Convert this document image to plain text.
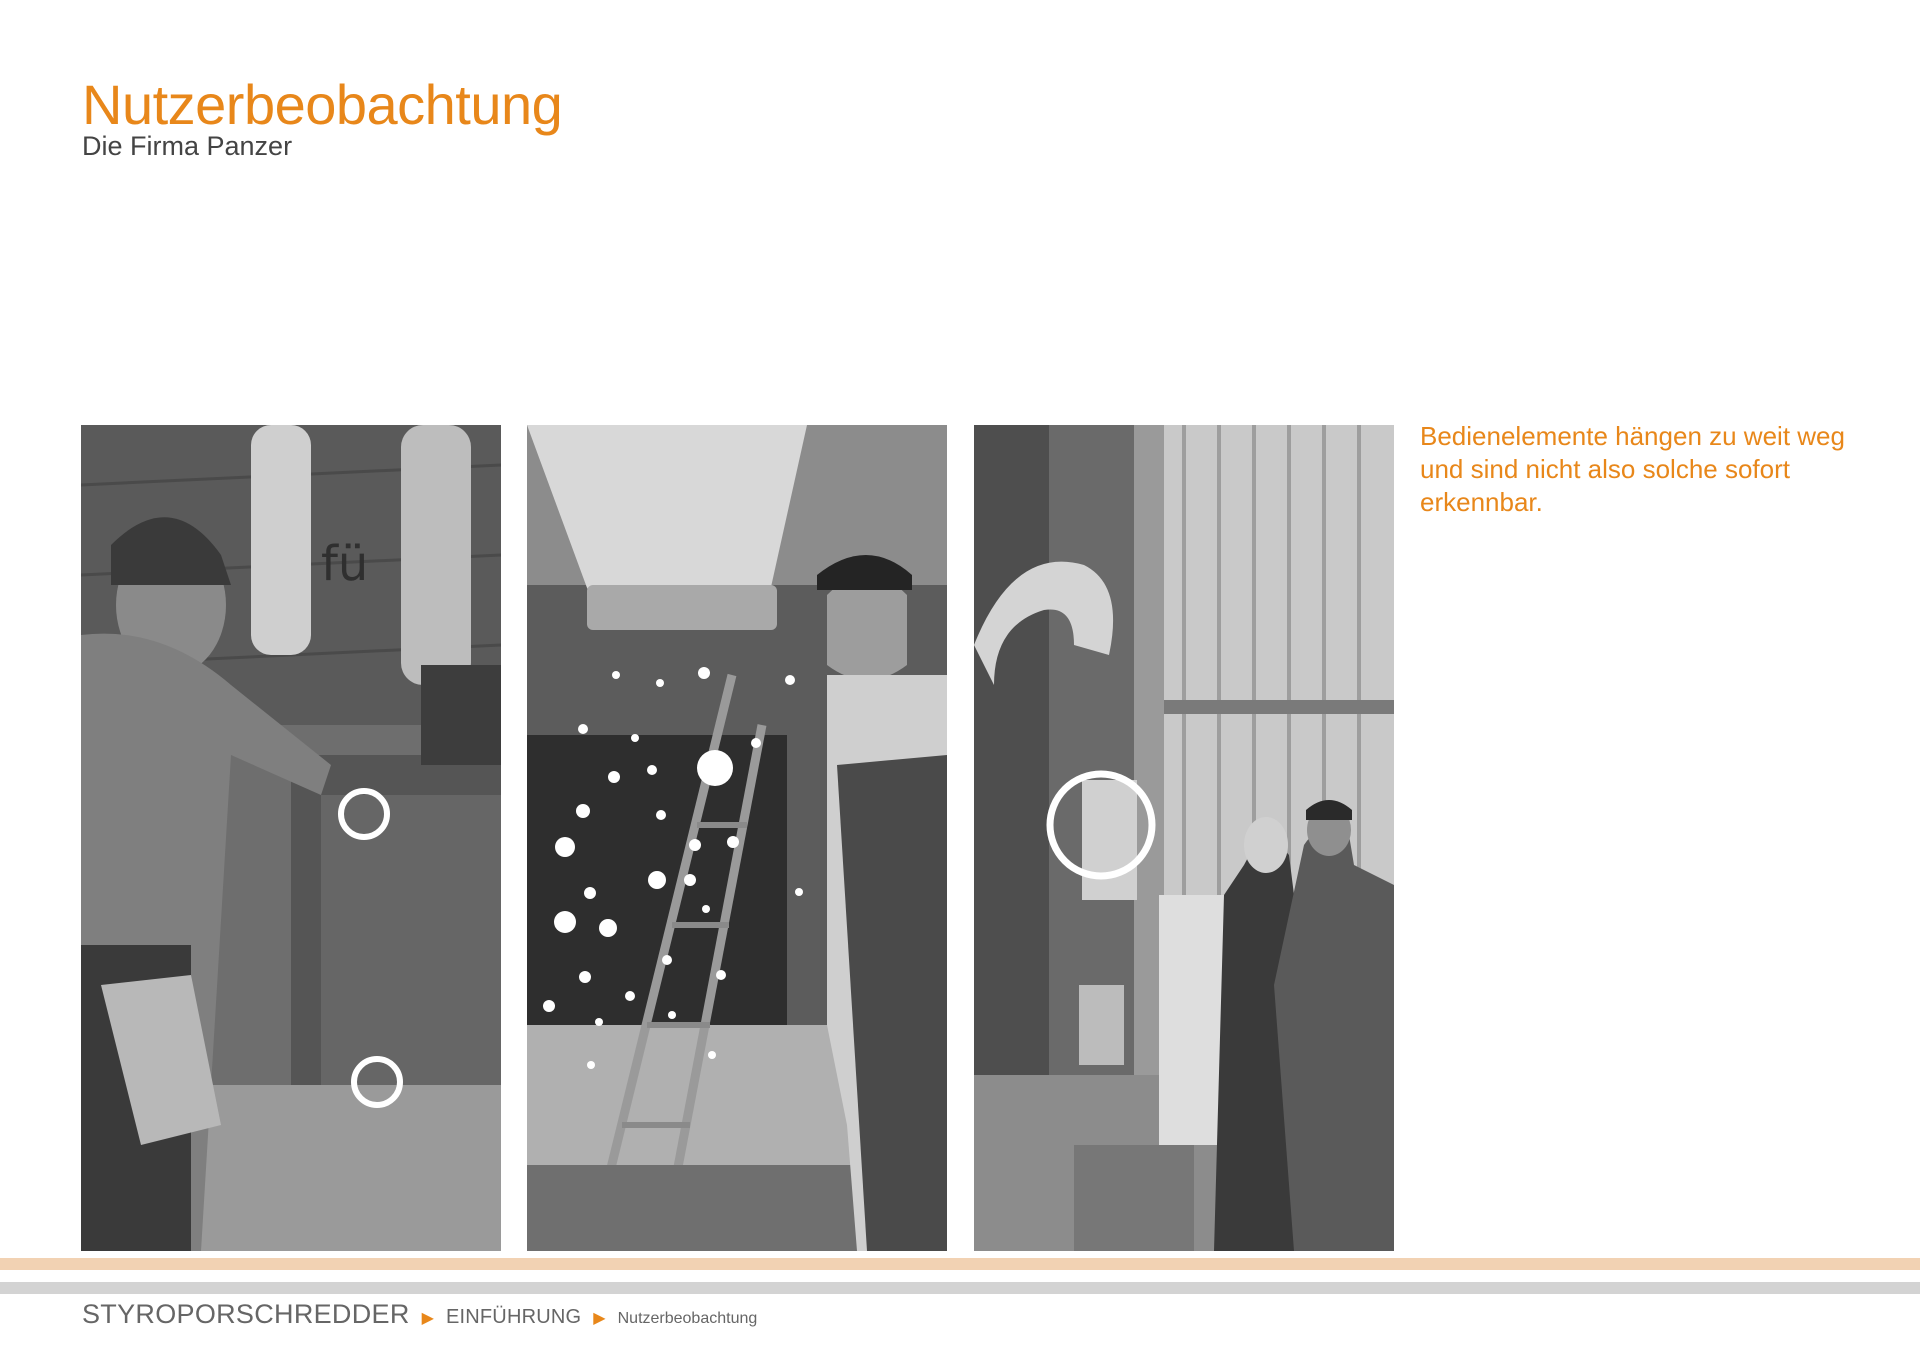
Nutzerbeobachtung

Die Firma Panzer

fü

Bedienelemente hängen zu weit weg und sind nicht also solche sofort erkennbar.

STYROPORSCHREDDER ▶ EINFÜHRUNG ▶ Nutzerbeobachtung
